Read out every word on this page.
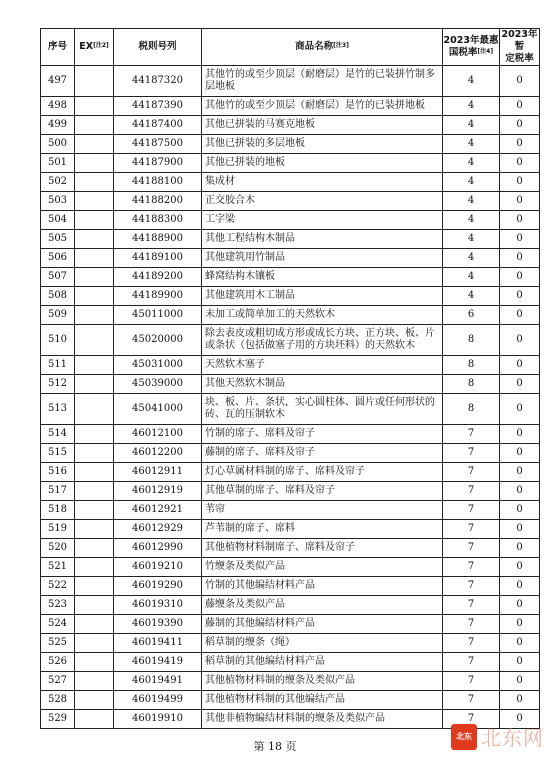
序号	EX[注2]	税则号列	商品名称[注3]	2023年最惠
国税率[注4]	2023年暂
定税率
497		44187320	其他竹的或至少顶层（耐磨层）是竹的已装拼竹制多层地板	4	0
498		44187390	其他竹的或至少顶层（耐磨层）是竹的已装拼地板	4	0
499		44187400	其他已拼装的马赛克地板	4	0
500		44187500	其他已拼装的多层地板	4	0
501		44187900	其他已拼装的地板	4	0
502		44188100	集成材	4	0
503		44188200	正交胶合木	4	0
504		44188300	工字梁	4	0
505		44188900	其他工程结构木制品	4	0
506		44189100	其他建筑用竹制品	4	0
507		44189200	蜂窝结构木镶板	4	0
508		44189900	其他建筑用木工制品	4	0
509		45011000	未加工或简单加工的天然软木	6	0
510		45020000	除去表皮或粗切成方形或成长方块、正方块、板、片或条状（包括做塞子用的方块坯料）的天然软木	8	0
511		45031000	天然软木塞子	8	0
512		45039000	其他天然软木制品	8	0
513		45041000	块、板、片、条状，实心圆柱体、圆片或任何形状的砖、瓦的压制软木	8	0
514		46012100	竹制的席子、席料及帘子	7	0
515		46012200	藤制的席子、席料及帘子	7	0
516		46012911	灯心草属材料制的席子、席料及帘子	7	0
517		46012919	其他草制的席子、席料及帘子	7	0
518		46012921	苇帘	7	0
519		46012929	芦苇制的席子、席料	7	0
520		46012990	其他植物材料制席子、席料及帘子	7	0
521		46019210	竹缏条及类似产品	7	0
522		46019290	竹制的其他编结材料产品	7	0
523		46019310	藤缏条及类似产品	7	0
524		46019390	藤制的其他编结材料产品	7	0
525		46019411	稻草制的缏条（绳）	7	0
526		46019419	稻草制的其他编结材料产品	7	0
527		46019491	其他植物材料制的缏条及类似产品	7	0
528		46019499	其他植物材料制的其他编结产品	7	0
529		46019910	其他非植物编结材料制的缏条及类似产品	7	0
第 18 页
北东 北东网
